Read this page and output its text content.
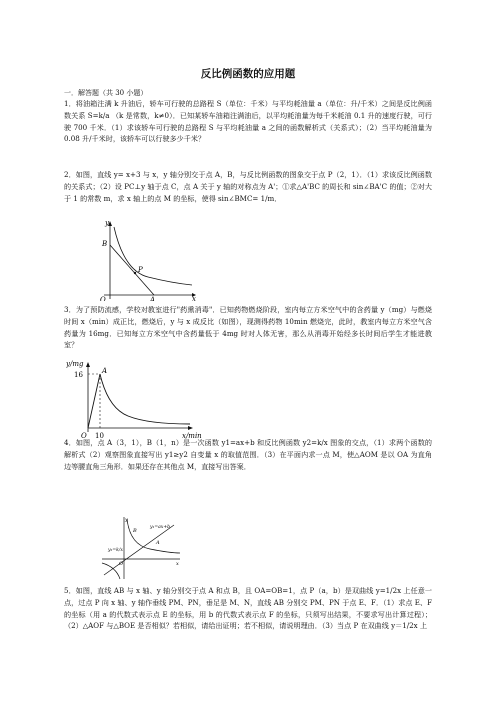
反比例函数的应用题
一．解答题（共 30 小题）

1．将油箱注满 k 升油后，轿车可行驶的总路程 S（单位：千米）与平均耗油量 a（单位：升/千米）之间是反比例函数关系 S=k/a （k 是常数，k≠0）．已知某轿车油箱注满油后，以平均耗油量为每千米耗油 0.1 升的速度行驶，可行驶 700 千米．（1）求该轿车可行驶的总路程 S 与平均耗油量 a 之间的函数解析式（关系式）；（2）当平均耗油量为 0.08 升/千米时，该轿车可以行驶多少千米？

2．如图，直线 y= x+3 与 x，y 轴分别交于点 A，B，与反比例函数的图象交于点 P（2，1）．（1）求该反比例函数的关系式；（2）设 PC⊥y 轴于点 C，点 A 关于 y 轴的对称点为 A'；①求△A'BC 的周长和 sin∠BA'C 的值；②对大于 1 的常数 m，求 x 轴上的点 M 的坐标，使得 sin∠BMC= 1/m．

y
x
O	A
B
P

3．为了预防流感，学校对教室进行"药熏消毒"．已知药物燃烧阶段，室内每立方米空气中的含药量 y（mg）与燃烧时间 x（min）成正比，燃烧后，y 与 x 成反比（如图），现测得药物 10min 燃烧完，此时，教室内每立方米空气含药量为 16mg．已知每立方米空气中含药量低于 4mg 时对人体无害，那么从消毒开始经多长时间后学生才能进教室？

y/mg
x/min
A
O
16
10

4．如图，点 A（3，1），B（1，n）是一次函数 y1=ax+b 和反比例函数 y2=k/x 图象的交点，（1）求两个函数的解析式（2）观察图象直接写出 y1≥y2 自变量 x 的取值范围．（3）在平面内求一点 M，使△AOM 是以 OA 为直角边等腰直角三角形．如果还存在其他点 M，直接写出答案．

y
x
O
A
B
y₁=ax+b
y₂=k/x

5．如图，直线 AB 与 x 轴、y 轴分别交于点 A 和点 B，且 OA=OB=1，点 P（a，b）是双曲线 y=1/2x 上任意一点，过点 P 向 x 轴、y 轴作垂线 PM、PN，垂足是 M、N，直线 AB 分别交 PM、PN 于点 E、F．（1）求点 E、F 的坐标（用 a 的代数式表示点 E 的坐标，用 b 的代数式表示点 F 的坐标，只须写出结果，不要求写出计算过程）；（2）△AOF 与△BOE 是否相似？若相似，请给出证明；若不相似，请说明理由．（3）当点 P 在双曲线 y＝1/2x 上
